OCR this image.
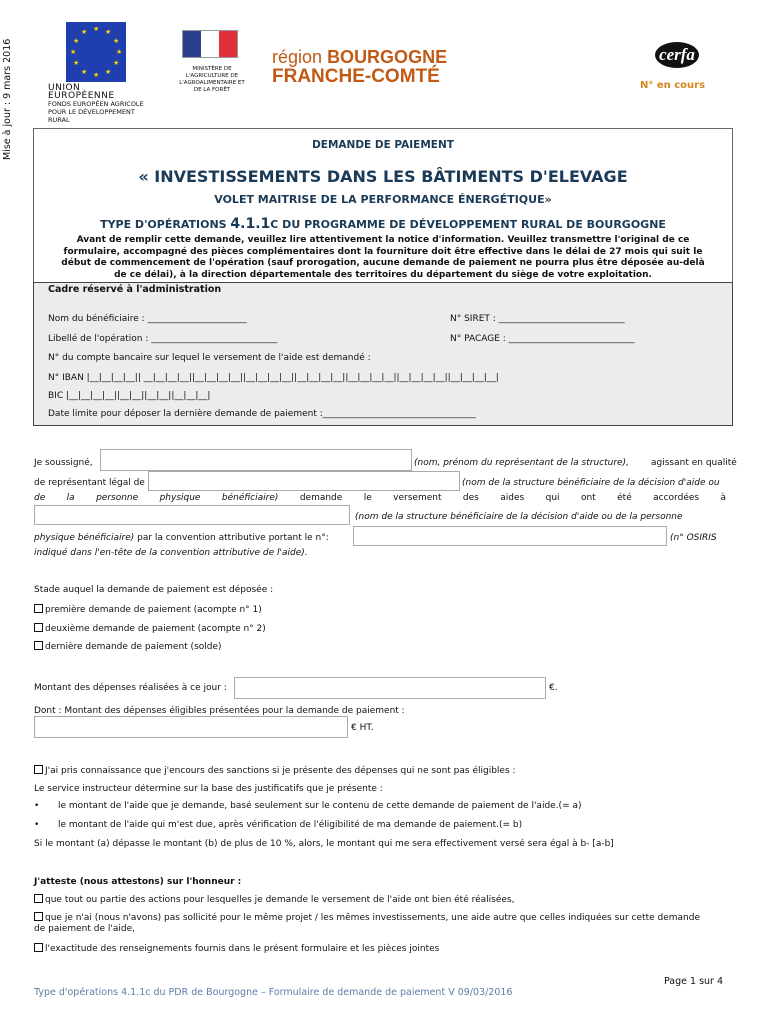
Mise à jour : 9 mars 2016
★ ★
★
★
★
★
★
★
★
★
★
★
UNION EUROPÉENNE
FONDS EUROPÉEN AGRICOLE
POUR LE DÉVELOPPEMENT RURAL
MINISTÈRE DE L'AGRICULTURE DE L'AGROALIMENTAIRE ET DE LA FORÊT
région BOURGOGNE
FRANCHE-COMTÉ
cerfa
N° en cours
DEMANDE DE PAIEMENT
« INVESTISSEMENTS DANS LES BÂTIMENTS D'ELEVAGE
VOLET MAITRISE DE LA PERFORMANCE ÉNERGÉTIQUE»
TYPE D'OPÉRATIONS 4.1.1C DU PROGRAMME DE DÉVELOPPEMENT RURAL DE BOURGOGNE
Avant de remplir cette demande, veuillez lire attentivement la notice d'information. Veuillez transmettre l'original de ce
formulaire, accompagné des pièces complémentaires dont la fourniture doit être effective dans le délai de 27 mois qui suit le
début de commencement de l'opération (sauf prorogation, aucune demande de paiement ne pourra plus être déposée au-delà
de ce délai), à la direction départementale des territoires du département du siège de votre exploitation.
Cadre réservé à l'administration
Nom du bénéficiaire : ______________________	N° SIRET : ____________________________
Libellé de l'opération : ____________________________	N° PACAGE : ____________________________
N° du compte bancaire sur lequel le versement de l'aide est demandé :
N° IBAN |__|__|__|__|| __|__|__|__||__|__|__|__||__|__|__|__||__|__|__|__||__|__|__|__||__|__|__|__||__|__|__|__|
BIC |__|__|__|__||__|__||__|__||__|__|__|
Date limite pour déposer la dernière demande de paiement :__________________________________
Je soussigné,	(nom, prénom du représentant de la structure), agissant en qualité
de représentant légal de	(nom de la structure bénéficiaire de la décision d'aide ou
de la personne physique bénéficiaire) demande le versement des aides qui ont été accordées à
(nom de la structure bénéficiaire de la décision d'aide ou de la personne
physique bénéficiaire) par la convention attributive portant le n°:	(n° OSIRIS
indiqué dans l'en-tête de la convention attributive de l'aide).
Stade auquel la demande de paiement est déposée :
première demande de paiement (acompte n° 1)
deuxième demande de paiement (acompte n° 2)
dernière demande de paiement (solde)
Montant des dépenses réalisées à ce jour :	€.
Dont : Montant des dépenses éligibles présentées pour la demande de paiement :
€ HT.
J'ai pris connaissance que j'encours des sanctions si je présente des dépenses qui ne sont pas éligibles :
Le service instructeur détermine sur la base des justificatifs que je présente :
• le montant de l'aide que je demande, basé seulement sur le contenu de cette demande de paiement de l'aide.(= a)
• le montant de l'aide qui m'est due, après vérification de l'éligibilité de ma demande de paiement.(= b)
Si le montant (a) dépasse le montant (b) de plus de 10 %, alors, le montant qui me sera effectivement versé sera égal à b- [a-b]
J'atteste (nous attestons) sur l'honneur :
que tout ou partie des actions pour lesquelles je demande le versement de l'aide ont bien été réalisées,
que je n'ai (nous n'avons) pas sollicité pour le même projet / les mêmes investissements, une aide autre que celles indiquées sur cette demande
de paiement de l'aide,
l'exactitude des renseignements fournis dans le présent formulaire et les pièces jointes
Page 1 sur 4
Type d'opérations 4.1.1c du PDR de Bourgogne – Formulaire de demande de paiement V 09/03/2016
